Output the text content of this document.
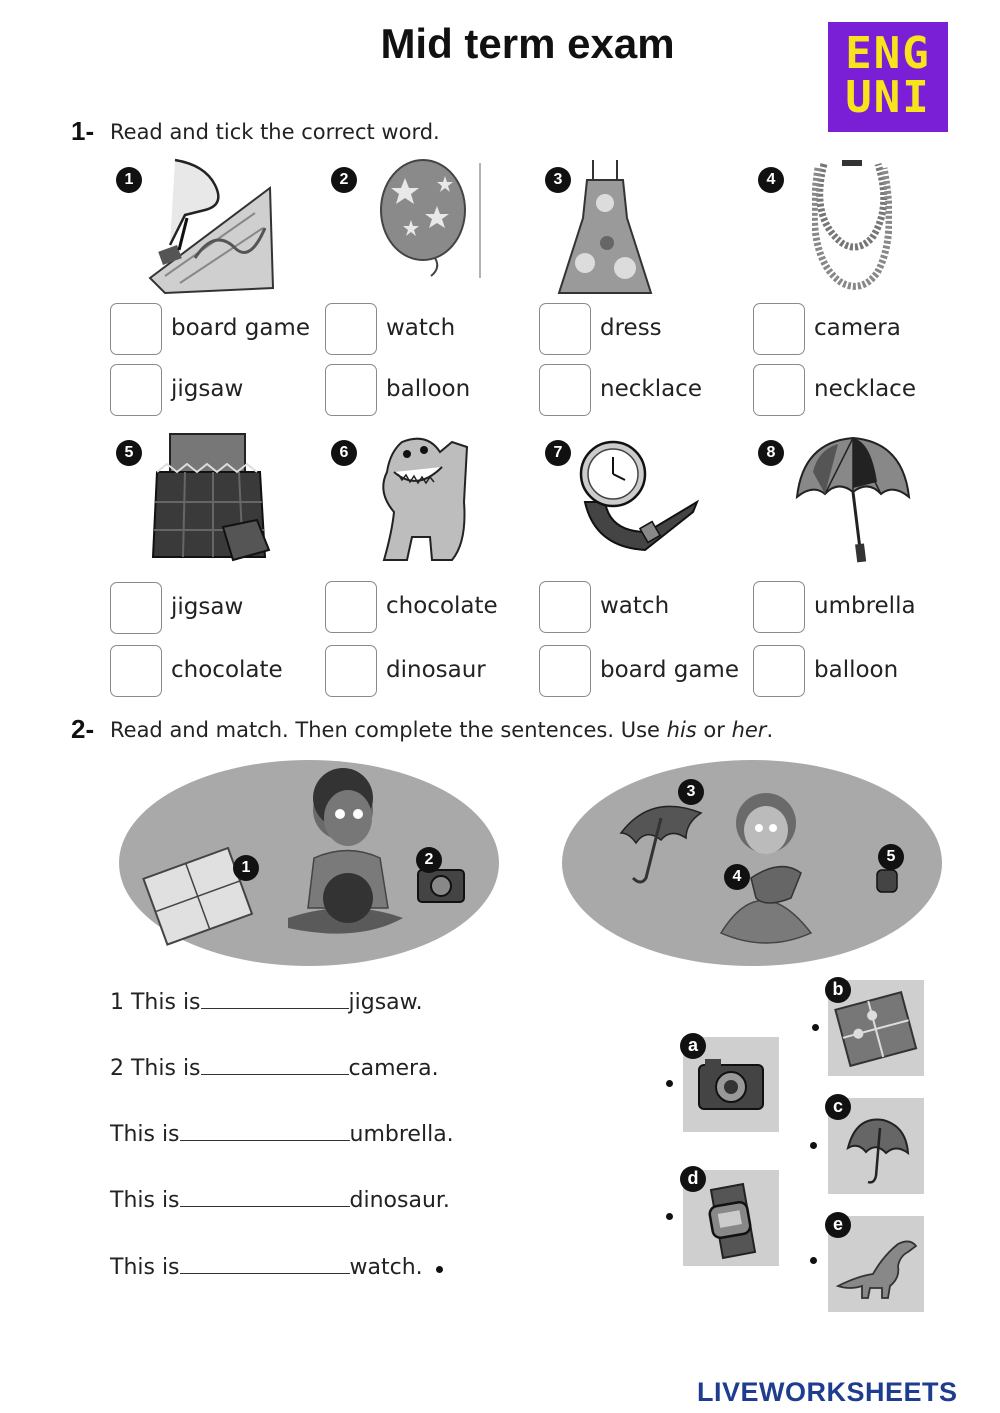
Mid term exam	ENG
UNI
1- Read and tick the correct word.
1	2	3	4
board game
jigsaw
watch
balloon
dress
necklace
camera
necklace
5	6	7	8
jigsaw
chocolate
chocolate
dinosaur
watch
board game
umbrella
balloon
2- Read and match. Then complete the sentences. Use his or her.
1	2
3
4
5
1 This is	jigsaw.
2 This is	camera.
This is	umbrella.
This is	dinosaur.
This is	watch.
a
b
c
d
e
LIVEWORKSHEETS
